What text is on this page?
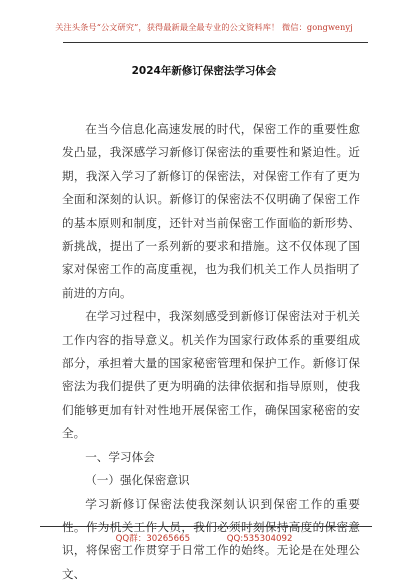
关注头条号“公文研究”，获得最新最全最专业的公文资料库！ 微信：gongwenyj
2024年新修订保密法学习体会

在当今信息化高速发展的时代，保密工作的重要性愈发凸显，我深感学习新修订保密法的重要性和紧迫性。近期，我深入学习了新修订的保密法，对保密工作有了更为全面和深刻的认识。新修订的保密法不仅明确了保密工作的基本原则和制度，还针对当前保密工作面临的新形势、新挑战，提出了一系列新的要求和措施。这不仅体现了国家对保密工作的高度重视，也为我们机关工作人员指明了前进的方向。

在学习过程中，我深刻感受到新修订保密法对于机关工作内容的指导意义。机关作为国家行政体系的重要组成部分，承担着大量的国家秘密管理和保护工作。新修订保密法为我们提供了更为明确的法律依据和指导原则，使我们能够更加有针对性地开展保密工作，确保国家秘密的安全。

一、学习体会

（一）强化保密意识

学习新修订保密法使我深刻认识到保密工作的重要性。作为机关工作人员，我们必须时刻保持高度的保密意识，将保密工作贯穿于日常工作的始终。无论是在处理公文、

QQ群：30265665	QQ:535304092
